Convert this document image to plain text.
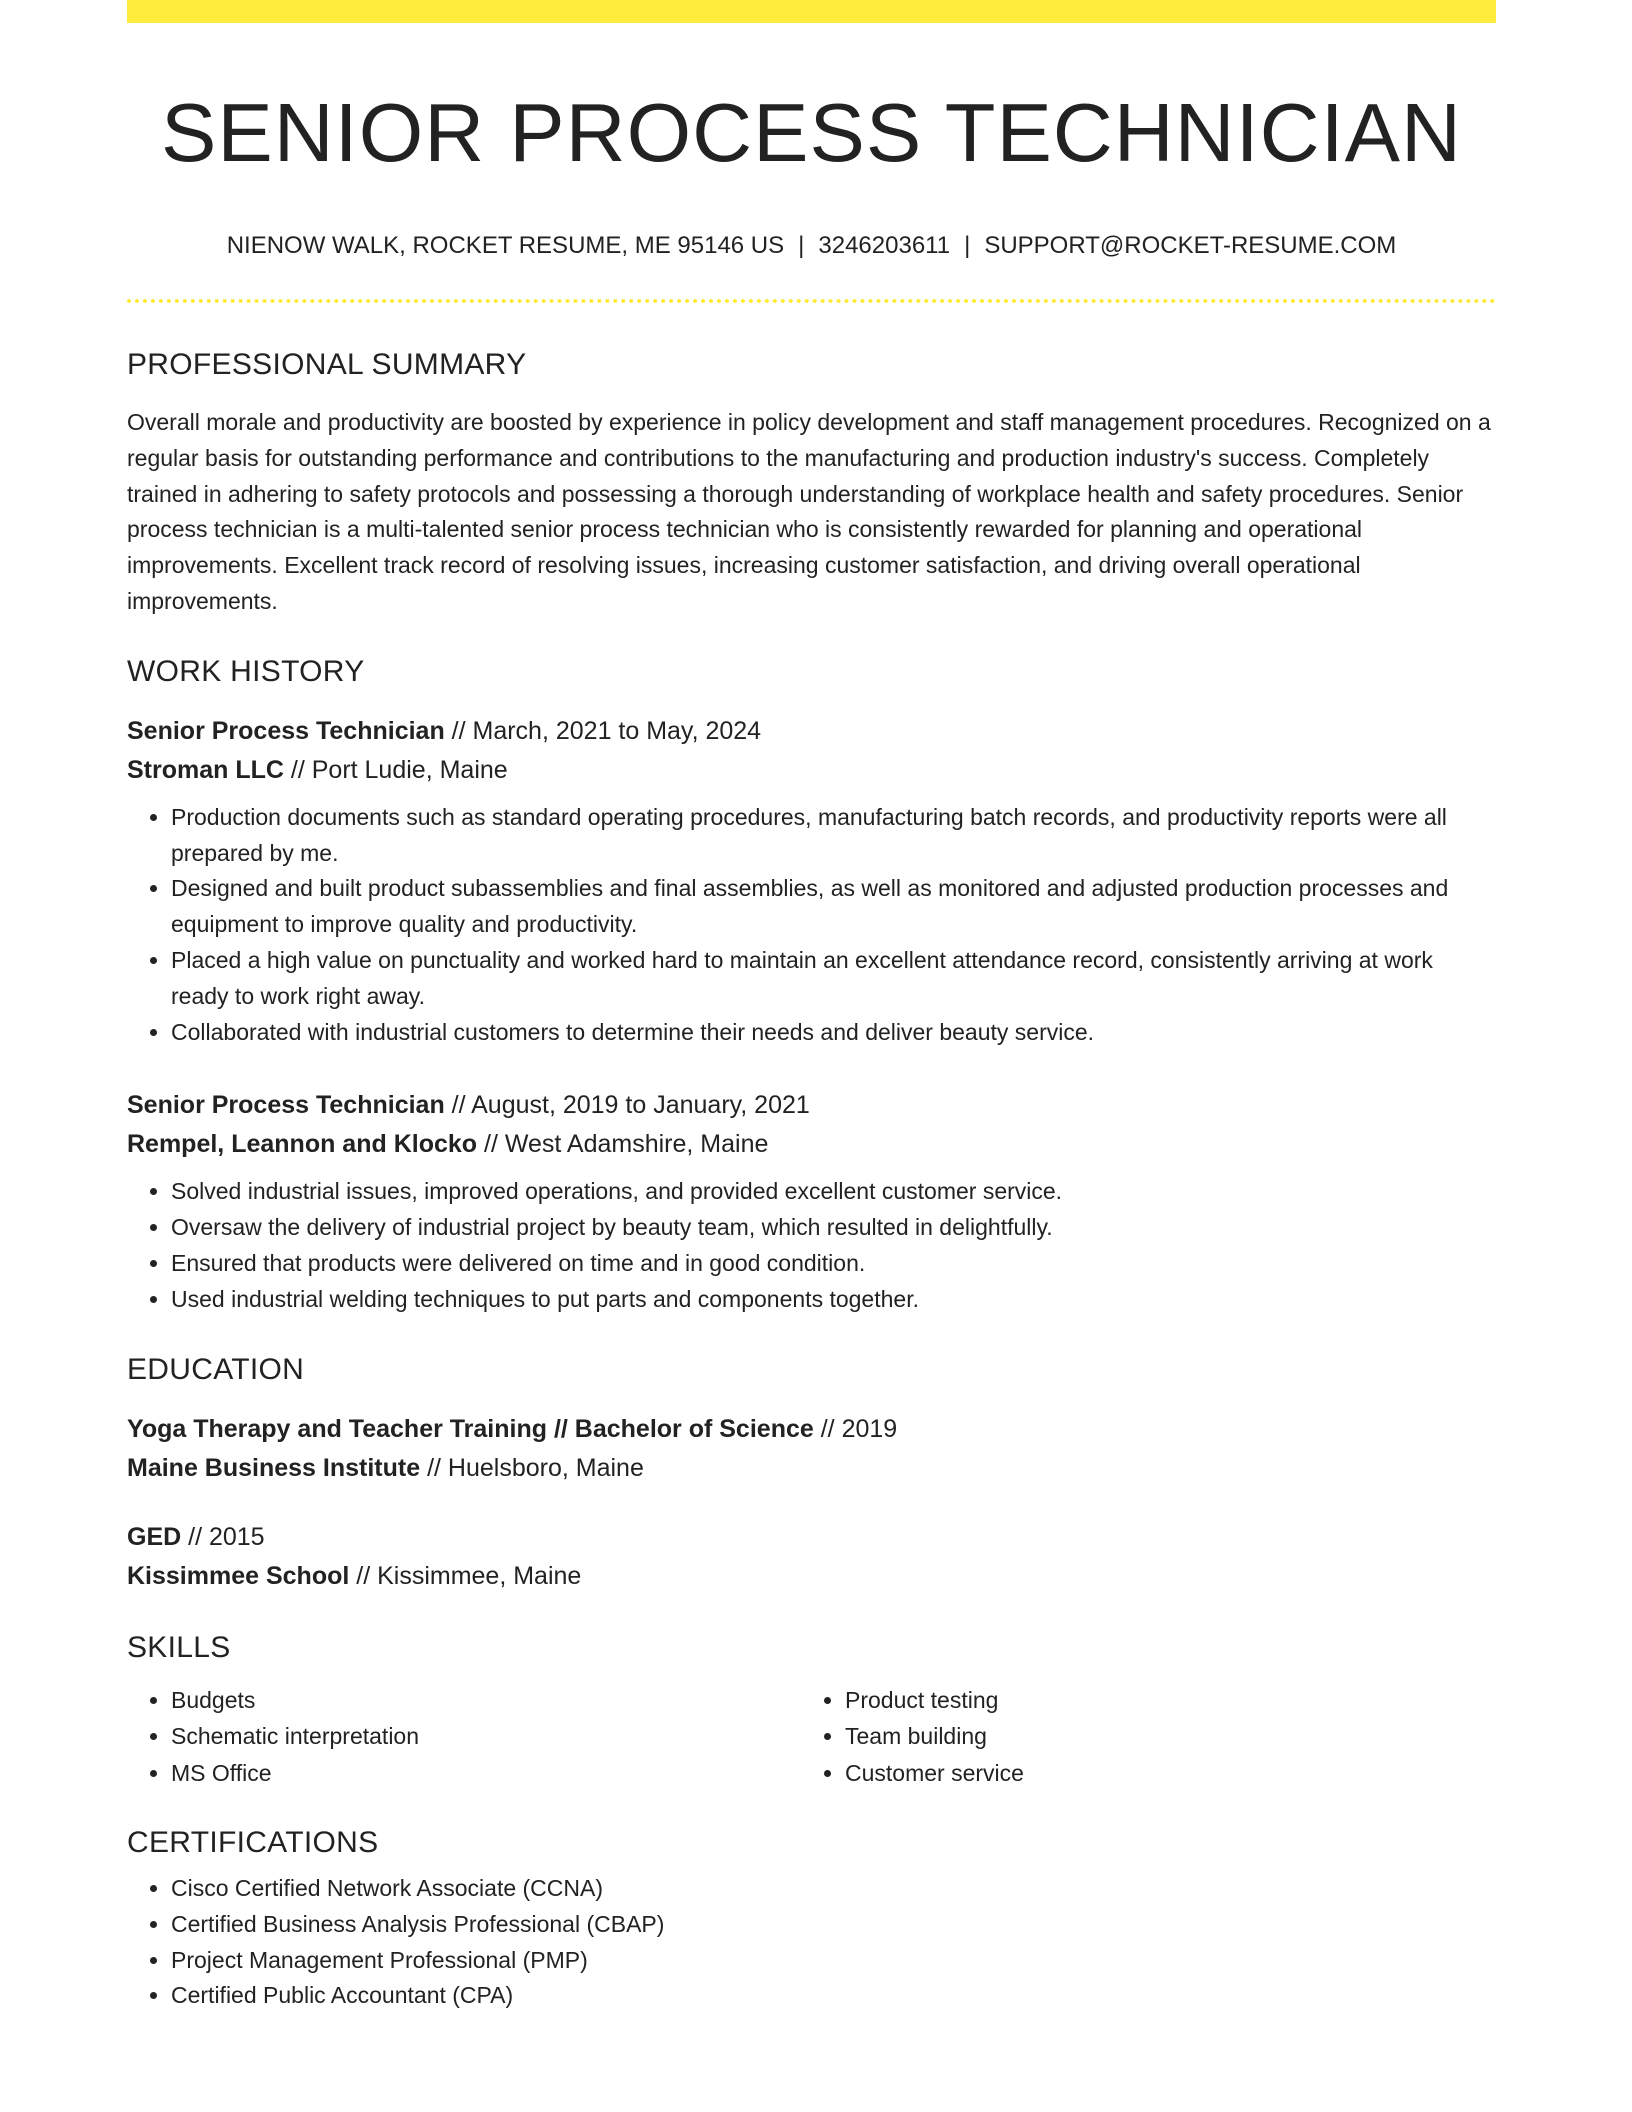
SENIOR PROCESS TECHNICIAN
NIENOW WALK, ROCKET RESUME, ME 95146 US | 3246203611 | SUPPORT@ROCKET-RESUME.COM
PROFESSIONAL SUMMARY
Overall morale and productivity are boosted by experience in policy development and staff management procedures. Recognized on a regular basis for outstanding performance and contributions to the manufacturing and production industry's success. Completely trained in adhering to safety protocols and possessing a thorough understanding of workplace health and safety procedures. Senior process technician is a multi-talented senior process technician who is consistently rewarded for planning and operational improvements. Excellent track record of resolving issues, increasing customer satisfaction, and driving overall operational improvements.
WORK HISTORY
Senior Process Technician // March, 2021 to May, 2024
Stroman LLC // Port Ludie, Maine
• Production documents such as standard operating procedures, manufacturing batch records, and productivity reports were all prepared by me.
• Designed and built product subassemblies and final assemblies, as well as monitored and adjusted production processes and equipment to improve quality and productivity.
• Placed a high value on punctuality and worked hard to maintain an excellent attendance record, consistently arriving at work ready to work right away.
• Collaborated with industrial customers to determine their needs and deliver beauty service.
Senior Process Technician // August, 2019 to January, 2021
Rempel, Leannon and Klocko // West Adamshire, Maine
• Solved industrial issues, improved operations, and provided excellent customer service.
• Oversaw the delivery of industrial project by beauty team, which resulted in delightfully.
• Ensured that products were delivered on time and in good condition.
• Used industrial welding techniques to put parts and components together.
EDUCATION
Yoga Therapy and Teacher Training // Bachelor of Science // 2019
Maine Business Institute // Huelsboro, Maine
GED // 2015
Kissimmee School // Kissimmee, Maine
SKILLS
• Budgets
• Schematic interpretation
• MS Office
• Product testing
• Team building
• Customer service
CERTIFICATIONS
• Cisco Certified Network Associate (CCNA)
• Certified Business Analysis Professional (CBAP)
• Project Management Professional (PMP)
• Certified Public Accountant (CPA)
